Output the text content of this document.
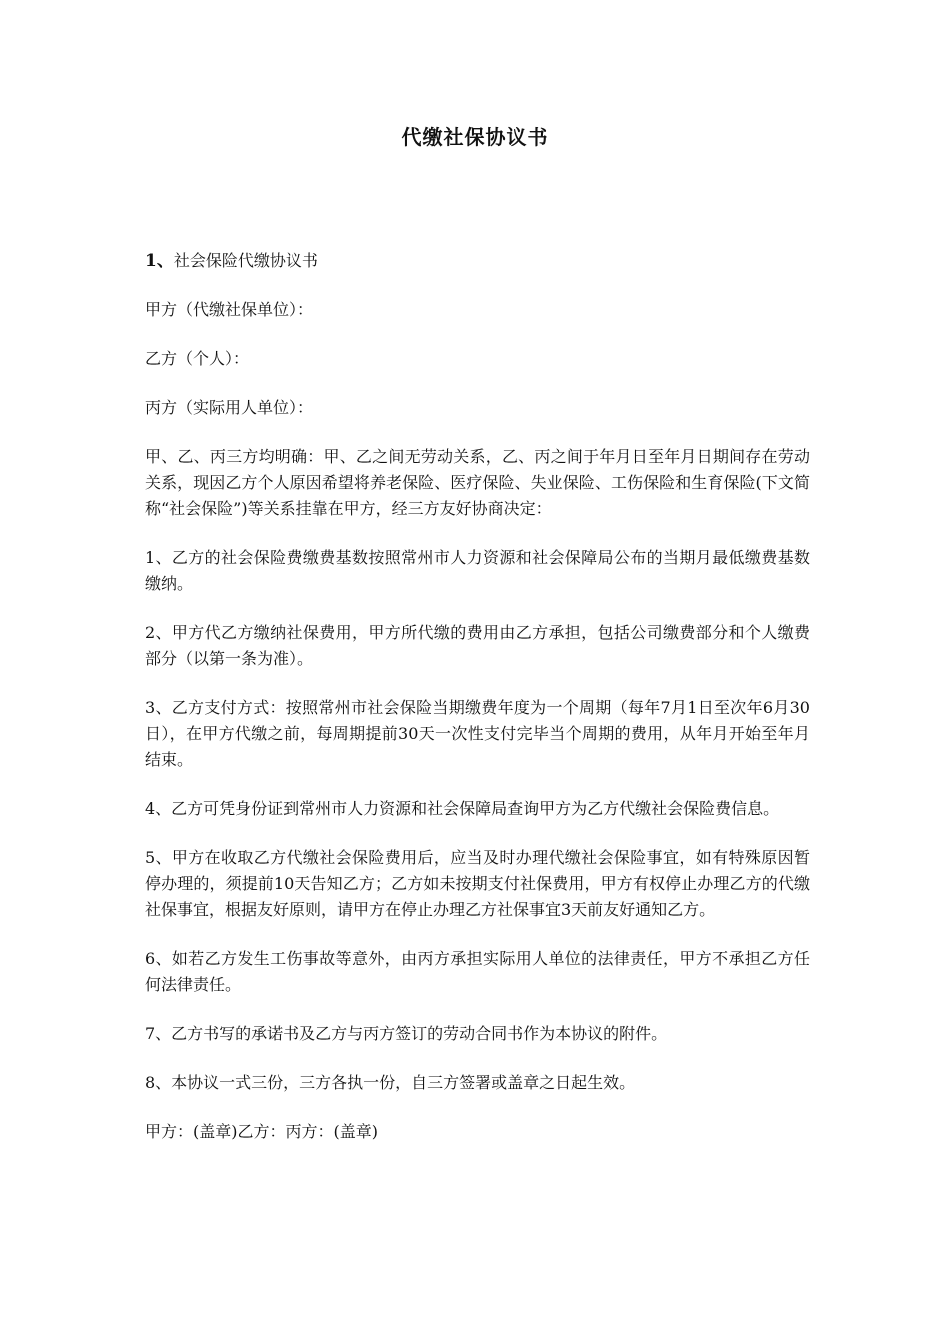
代缴社保协议书

1、社会保险代缴协议书

甲方（代缴社保单位）：

乙方（个人）：

丙方（实际用人单位）：

甲、乙、丙三方均明确：甲、乙之间无劳动关系，乙、丙之间于年月日至年月日期间存在劳动关系，现因乙方个人原因希望将养老保险、医疗保险、失业保险、工伤保险和生育保险(下文简称“社会保险”)等关系挂靠在甲方，经三方友好协商决定：

1、乙方的社会保险费缴费基数按照常州市人力资源和社会保障局公布的当期月最低缴费基数缴纳。

2、甲方代乙方缴纳社保费用，甲方所代缴的费用由乙方承担，包括公司缴费部分和个人缴费部分（以第一条为准）。

3、乙方支付方式：按照常州市社会保险当期缴费年度为一个周期（每年7月1日至次年6月30日），在甲方代缴之前，每周期提前30天一次性支付完毕当个周期的费用，从年月开始至年月结束。

4、乙方可凭身份证到常州市人力资源和社会保障局查询甲方为乙方代缴社会保险费信息。

5、甲方在收取乙方代缴社会保险费用后，应当及时办理代缴社会保险事宜，如有特殊原因暂停办理的，须提前10天告知乙方；乙方如未按期支付社保费用，甲方有权停止办理乙方的代缴社保事宜，根据友好原则，请甲方在停止办理乙方社保事宜3天前友好通知乙方。

6、如若乙方发生工伤事故等意外，由丙方承担实际用人单位的法律责任，甲方不承担乙方任何法律责任。

7、乙方书写的承诺书及乙方与丙方签订的劳动合同书作为本协议的附件。

8、本协议一式三份，三方各执一份，自三方签署或盖章之日起生效。

甲方：(盖章)乙方：丙方：(盖章)
